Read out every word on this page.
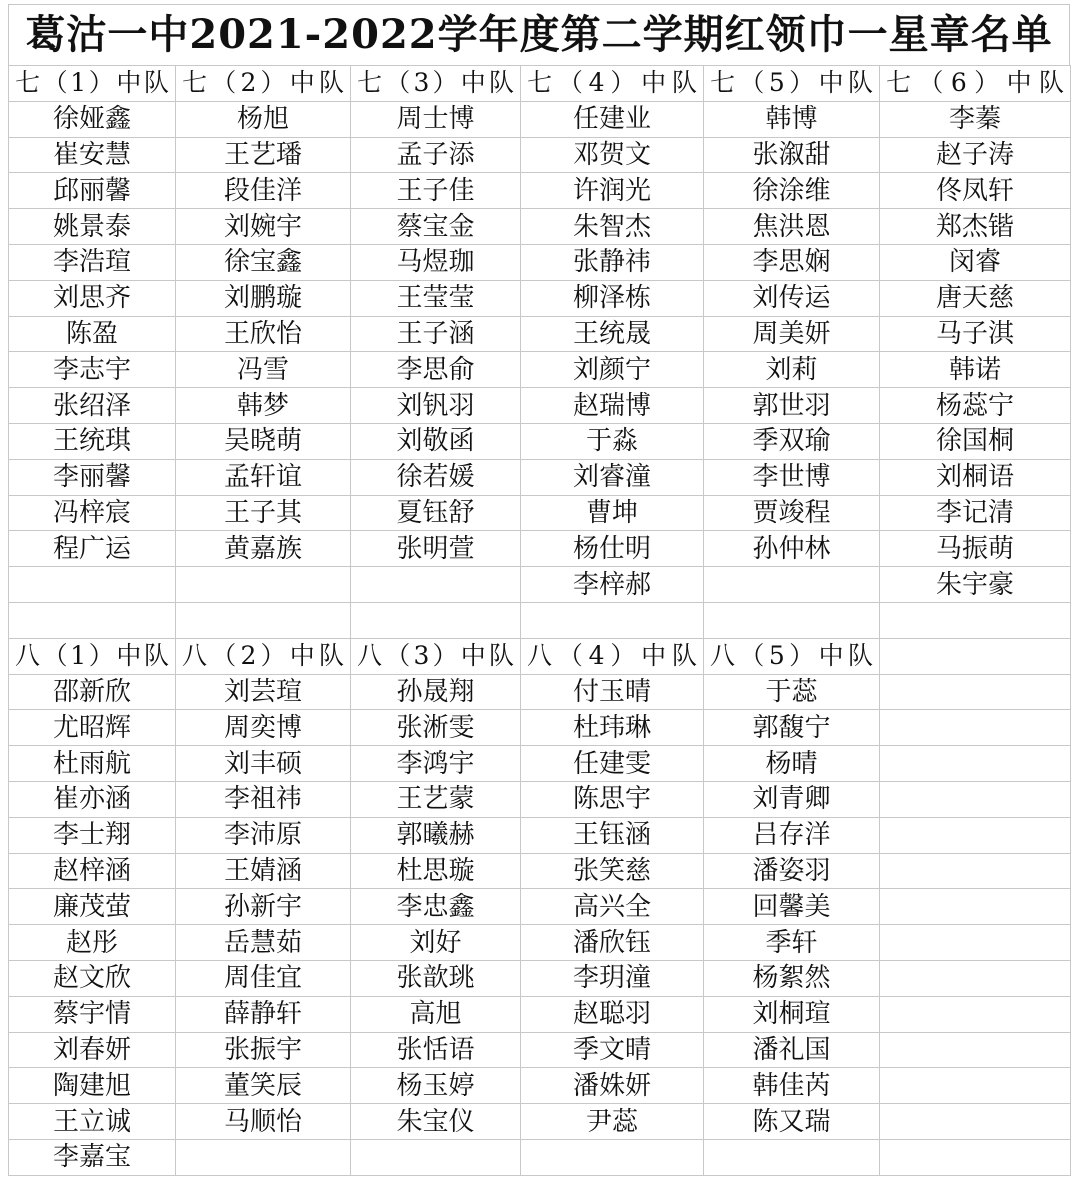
葛沽一中2021-2022学年度第二学期红领巾一星章名单
七（1）中队	七（2）中队	七（3）中队	七（4）中队	七（5）中队	七（6）中队
徐娅鑫	杨旭	周士博	任建业	韩博	李蓁
崔安慧	王艺璠	孟子添	邓贺文	张溆甜	赵子涛
邱丽馨	段佳洋	王子佳	许润光	徐涂维	佟凤轩
姚景泰	刘婉宇	蔡宝金	朱智杰	焦洪恩	郑杰锴
李浩瑄	徐宝鑫	马煜珈	张静祎	李思娴	闵睿
刘思齐	刘鹏璇	王莹莹	柳泽栋	刘传运	唐天慈
陈盈	王欣怡	王子涵	王统晟	周美妍	马子淇
李志宇	冯雪	李思俞	刘颜宁	刘莉	韩诺
张绍泽	韩梦	刘钒羽	赵瑞博	郭世羽	杨蕊宁
王统琪	吴晓萌	刘敬函	于淼	季双瑜	徐国桐
李丽馨	孟轩谊	徐若媛	刘睿潼	李世博	刘桐语
冯梓宸	王子其	夏钰舒	曹坤	贾竣程	李记清
程广运	黄嘉族	张明萱	杨仕明	孙仲林	马振萌
			李梓郝		朱宇豪

八（1）中队	八（2）中队	八（3）中队	八（4）中队	八（5）中队	
邵新欣	刘芸瑄	孙晟翔	付玉晴	于蕊	
尤昭辉	周奕博	张淅雯	杜玮琳	郭馥宁	
杜雨航	刘丰硕	李鸿宇	任建雯	杨晴	
崔亦涵	李祖祎	王艺蒙	陈思宇	刘青卿	
李士翔	李沛原	郭曦赫	王钰涵	吕存洋	
赵梓涵	王婧涵	杜思璇	张笑慈	潘姿羽	
廉茂萤	孙新宇	李忠鑫	高兴全	回馨美	
赵彤	岳慧茹	刘好	潘欣钰	季轩	
赵文欣	周佳宜	张歆珧	李玥潼	杨絮然	
蔡宇情	薛静轩	高旭	赵聪羽	刘桐瑄	
刘春妍	张振宇	张恬语	季文晴	潘礼国	
陶建旭	董笑辰	杨玉婷	潘姝妍	韩佳芮	
王立诚	马顺怡	朱宝仪	尹蕊	陈又瑞	
李嘉宝					
